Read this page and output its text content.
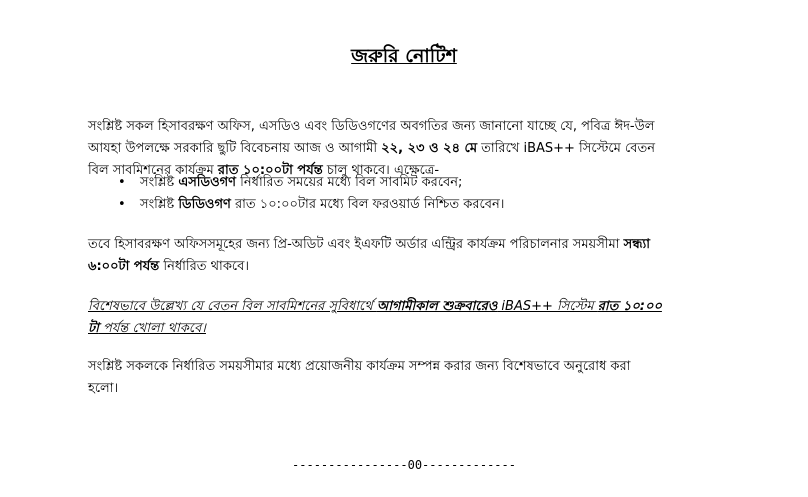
জরুরি নোটিশ

সংশ্লিষ্ট সকল হিসাবরক্ষণ অফিস, এসডিও এবং ডিডিওগণের অবগতির জন্য জানানো যাচ্ছে যে, পবিত্র ঈদ-উল
আযহা উপলক্ষে সরকারি ছুটি বিবেচনায় আজ ও আগামী ২২, ২৩ ও ২৪ মে তারিখে iBAS++ সিস্টেমে বেতন
বিল সাবমিশনের কার্যক্রম রাত ১০:০০টা পর্যন্ত চালু থাকবে। এক্ষেত্রে-

• সংশ্লিষ্ট এসডিওগণ নির্ধারিত সময়ের মধ্যে বিল সাবমিট করবেন;
• সংশ্লিষ্ট ডিডিওগণ রাত ১০:০০টার মধ্যে বিল ফরওয়ার্ড নিশ্চিত করবেন।

তবে হিসাবরক্ষণ অফিসসমূহের জন্য প্রি-অডিট এবং ইএফটি অর্ডার এন্ট্রির কার্যক্রম পরিচালনার সময়সীমা সন্ধ্যা
৬:০০টা পর্যন্ত নির্ধারিত থাকবে।

বিশেষভাবে উল্লেখ্য যে বেতন বিল সাবমিশনের সুবিধার্থে আগামীকাল শুক্রবারেও iBAS++ সিস্টেম রাত ১০:০০
টা পর্যন্ত খোলা থাকবে।

সংশ্লিষ্ট সকলকে নির্ধারিত সময়সীমার মধ্যে প্রয়োজনীয় কার্যক্রম সম্পন্ন করার জন্য বিশেষভাবে অনুরোধ করা
হলো।

----------------00-------------
